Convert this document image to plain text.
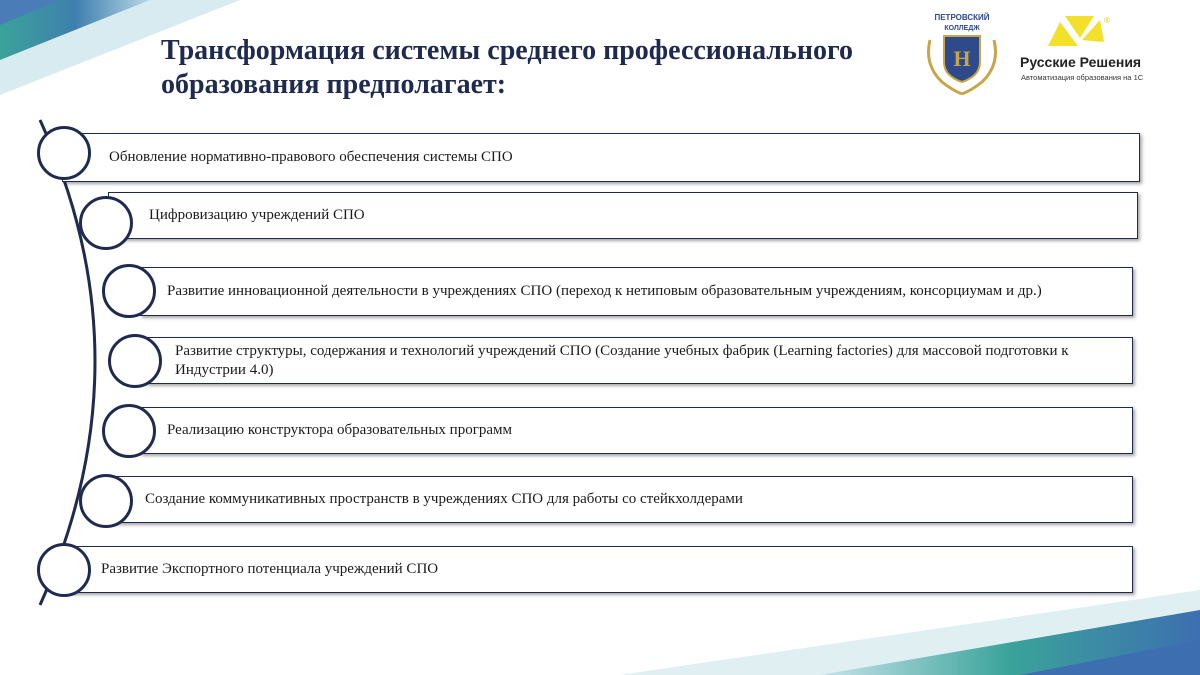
Трансформация системы среднего профессионального образования предполагает:
Н
ПЕТРОВСКИЙ
КОЛЛЕДЖ
®
Русские Решения
Автоматизация образования на 1С
Обновление нормативно-правового обеспечения системы СПО
Цифровизацию учреждений СПО
Развитие инновационной деятельности в учреждениях СПО (переход к нетиповым образовательным учреждениям, консорциумам и др.)
Развитие структуры, содержания и технологий учреждений СПО (Создание учебных фабрик (Learning factories) для массовой подготовки к Индустрии 4.0)
Реализацию конструктора образовательных программ
Создание коммуникативных пространств в учреждениях СПО для работы со стейкхолдерами
Развитие Экспортного потенциала учреждений СПО
